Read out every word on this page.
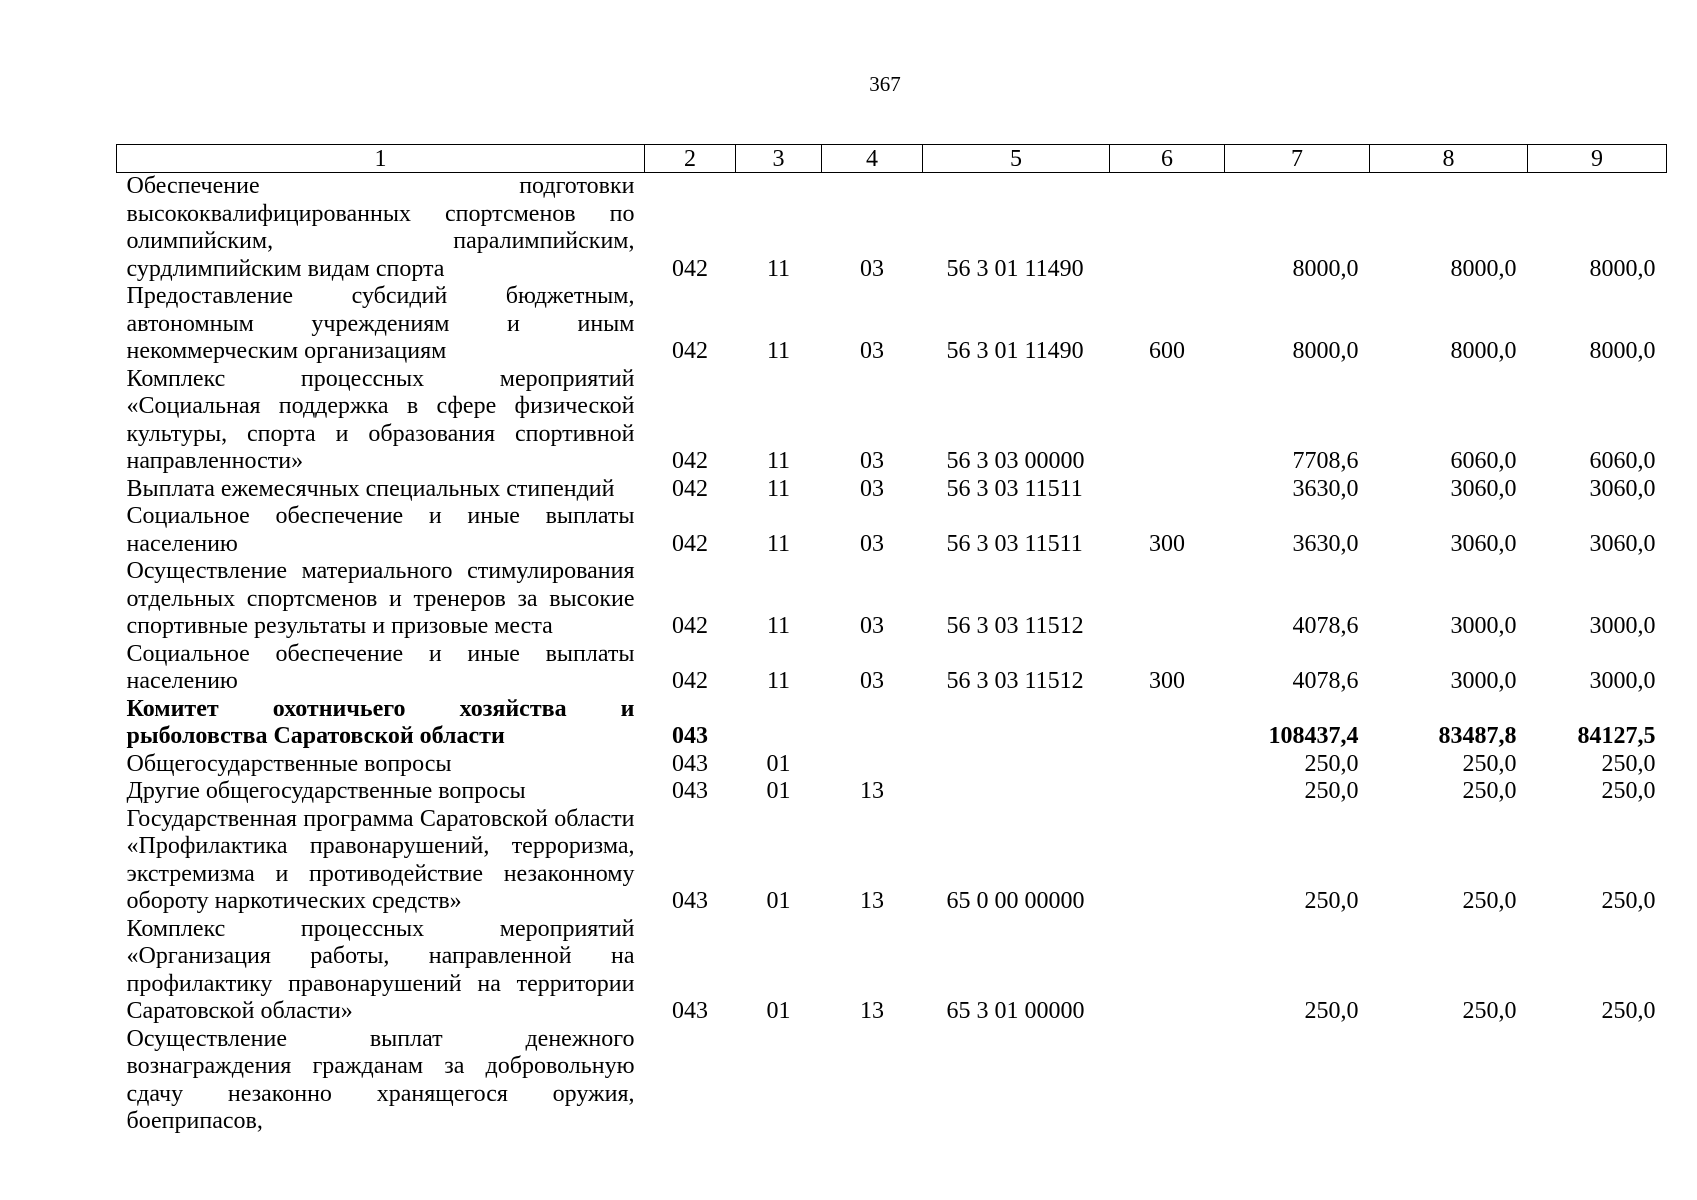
367
1	2	3	4	5	6	7	8	9
Обеспечение подготовки высококвалифицированных спортсменов по олимпийским, паралимпийским, сурдлимпийским видам спорта	042	11	03	56 3 01 11490		8000,0	8000,0	8000,0
Предоставление субсидий бюджетным, автономным учреждениям и иным некоммерческим организациям	042	11	03	56 3 01 11490	600	8000,0	8000,0	8000,0
Комплекс процессных мероприятий «Социальная поддержка в сфере физической культуры, спорта и образования спортивной направленности»	042	11	03	56 3 03 00000		7708,6	6060,0	6060,0
Выплата ежемесячных специальных стипендий	042	11	03	56 3 03 11511		3630,0	3060,0	3060,0
Социальное обеспечение и иные выплаты населению	042	11	03	56 3 03 11511	300	3630,0	3060,0	3060,0
Осуществление материального стимулирования отдельных спортсменов и тренеров за высокие спортивные результаты и призовые места	042	11	03	56 3 03 11512		4078,6	3000,0	3000,0
Социальное обеспечение и иные выплаты населению	042	11	03	56 3 03 11512	300	4078,6	3000,0	3000,0
Комитет охотничьего хозяйства и рыболовства Саратовской области	043					108437,4	83487,8	84127,5
Общегосударственные вопросы	043	01				250,0	250,0	250,0
Другие общегосударственные вопросы	043	01	13			250,0	250,0	250,0
Государственная программа Саратовской области «Профилактика правонарушений, терроризма, экстремизма и противодействие незаконному обороту наркотических средств»	043	01	13	65 0 00 00000		250,0	250,0	250,0
Комплекс процессных мероприятий «Организация работы, направленной на профилактику правонарушений на территории Саратовской области»	043	01	13	65 3 01 00000		250,0	250,0	250,0
Осуществление выплат денежного вознаграждения гражданам за добровольную сдачу незаконно хранящегося оружия, боеприпасов,								
